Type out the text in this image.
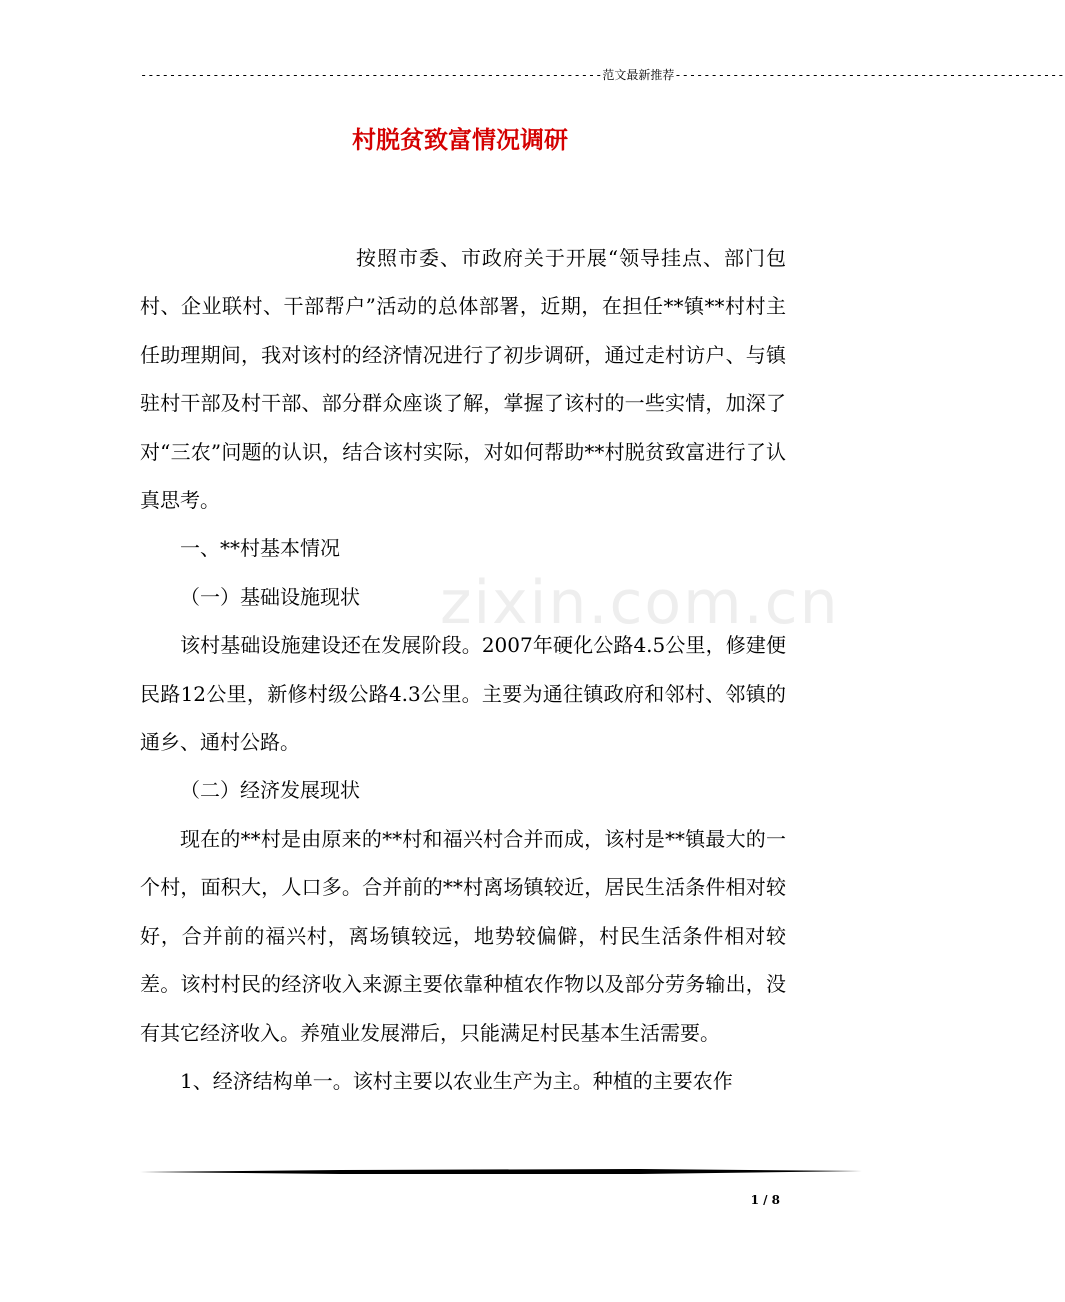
----------------------------------------------------------------范文最新推荐------------------------------------------------------
村脱贫致富情况调研
zixin.com.cn

按照市委、市政府关于开展“领导挂点、部门包村、企业联村、干部帮户”活动的总体部署，近期，在担任**镇**村村主任助理期间，我对该村的经济情况进行了初步调研，通过走村访户、与镇驻村干部及村干部、部分群众座谈了解，掌握了该村的一些实情，加深了对“三农”问题的认识，结合该村实际，对如何帮助**村脱贫致富进行了认真思考。

一、**村基本情况

（一）基础设施现状

该村基础设施建设还在发展阶段。2007年硬化公路4.5公里，修建便民路12公里，新修村级公路4.3公里。主要为通往镇政府和邻村、邻镇的通乡、通村公路。

（二）经济发展现状

现在的**村是由原来的**村和福兴村合并而成，该村是**镇最大的一个村，面积大，人口多。合并前的**村离场镇较近，居民生活条件相对较好，合并前的福兴村，离场镇较远，地势较偏僻，村民生活条件相对较差。该村村民的经济收入来源主要依靠种植农作物以及部分劳务输出，没有其它经济收入。养殖业发展滞后，只能满足村民基本生活需要。

1、经济结构单一。该村主要以农业生产为主。种植的主要农作

1 / 8
